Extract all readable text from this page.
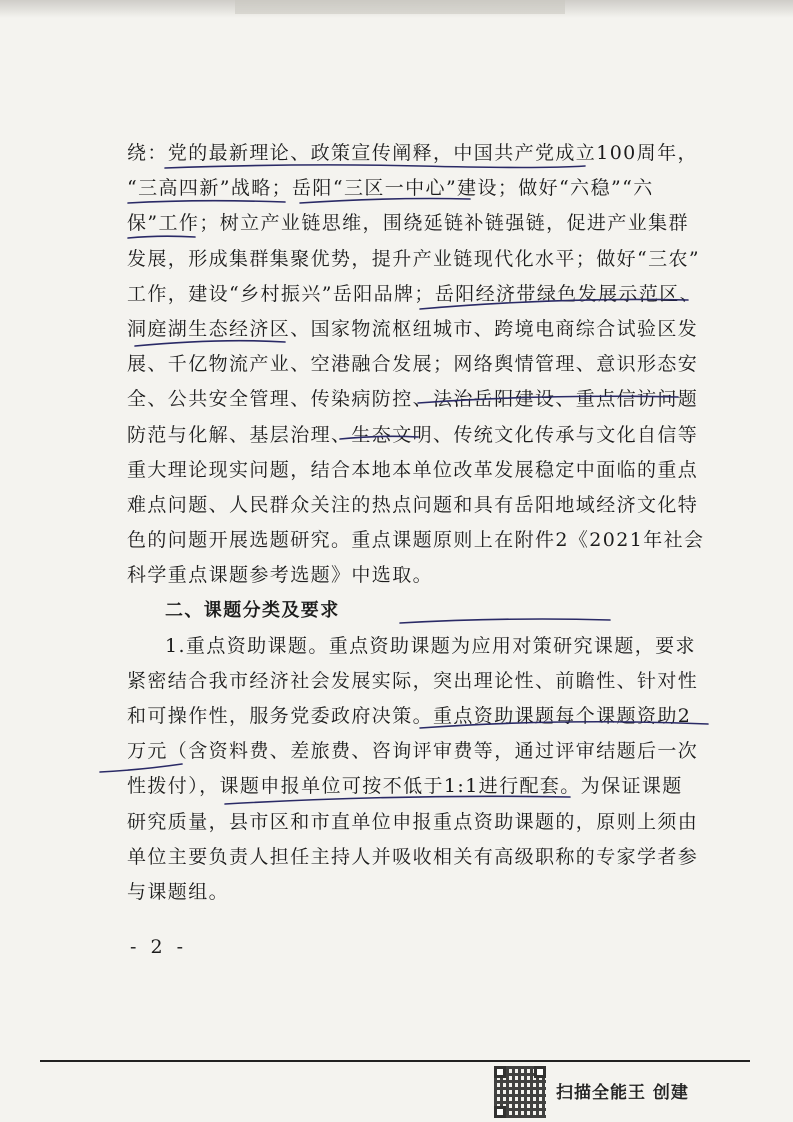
绕：党的最新理论、政策宣传阐释，中国共产党成立100周年，
“三高四新”战略；岳阳“三区一中心”建设；做好“六稳”“六
保”工作；树立产业链思维，围绕延链补链强链，促进产业集群
发展，形成集群集聚优势，提升产业链现代化水平；做好“三农”
工作，建设“乡村振兴”岳阳品牌；岳阳经济带绿色发展示范区、
洞庭湖生态经济区、国家物流枢纽城市、跨境电商综合试验区发
展、千亿物流产业、空港融合发展；网络舆情管理、意识形态安
全、公共安全管理、传染病防控、法治岳阳建设、重点信访问题
防范与化解、基层治理、生态文明、传统文化传承与文化自信等
重大理论现实问题，结合本地本单位改革发展稳定中面临的重点
难点问题、人民群众关注的热点问题和具有岳阳地域经济文化特
色的问题开展选题研究。重点课题原则上在附件2《2021年社会
科学重点课题参考选题》中选取。
二、课题分类及要求
1.重点资助课题。重点资助课题为应用对策研究课题，要求
紧密结合我市经济社会发展实际，突出理论性、前瞻性、针对性
和可操作性，服务党委政府决策。重点资助课题每个课题资助2
万元（含资料费、差旅费、咨询评审费等，通过评审结题后一次
性拨付），课题申报单位可按不低于1:1进行配套。为保证课题
研究质量，县市区和市直单位申报重点资助课题的，原则上须由
单位主要负责人担任主持人并吸收相关有高级职称的专家学者参
与课题组。
- 2 -
扫描全能王 创建
